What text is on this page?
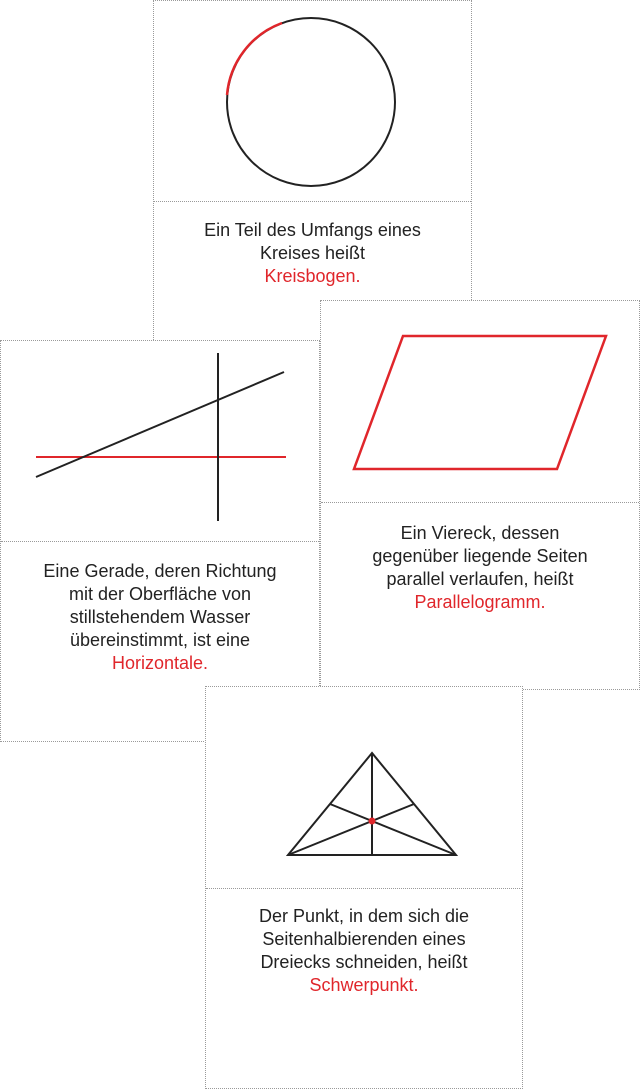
Ein Teil des Umfangs eines
Kreises heißt
Kreisbogen.
Ein Viereck, dessen
gegenüber liegende Seiten
parallel verlaufen, heißt
Parallelogramm.
Eine Gerade, deren Richtung
mit der Oberfläche von
stillstehendem Wasser
übereinstimmt, ist eine
Horizontale.
Der Punkt, in dem sich die
Seitenhalbierenden eines
Dreiecks schneiden, heißt
Schwerpunkt.
